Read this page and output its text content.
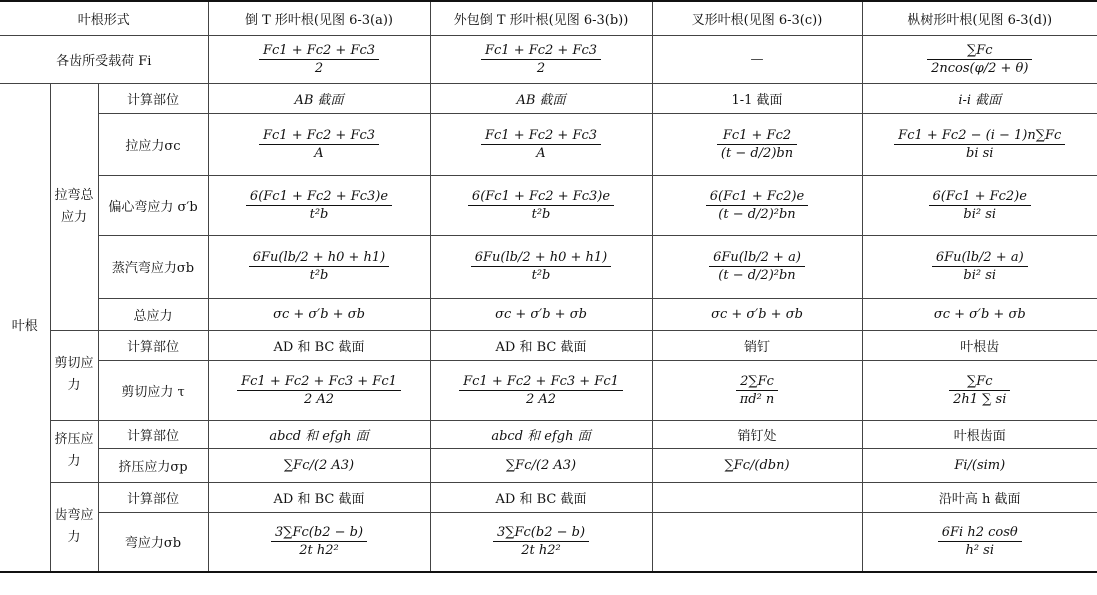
叶根形式			倒 T 形叶根(见图 6-3(a))	外包倒 T 形叶根(见图 6-3(b))	叉形叶根(见图 6-3(c))	枞树形叶根(见图 6-3(d))
各齿所受载荷 Fi			$\frac{Fc1 + Fc2 + Fc3}{2}$	$\frac{Fc1 + Fc2 + Fc3}{2}$	—	$\frac{\sum Fc}{2ncos(\varphi/2 + \theta)}$

叶根	拉弯总应力	计算部位	AB 截面	AB 截面	1-1 截面	i-i 截面
		拉应力σc	$\frac{Fc1 + Fc2 + Fc3}{A}$	$\frac{Fc1 + Fc2 + Fc3}{A}$	$\frac{Fc1 + Fc2}{(t - d/2)bn}$	$\frac{Fc1 + Fc2 - (i - 1)n\sum Fc}{\text{bi si}}$

		偏心弯应力 σ′b	$\frac{6(Fc1 + Fc2 + Fc3)e}{\text{t²b}}$	$\frac{6(Fc1 + Fc2 + Fc3)e}{\text{t²b}}$	$\frac{6(Fc1 + Fc2)e}{\text{(t − d/2)²bn}}$	$\frac{6(Fc1 + Fc2)e}{\text{bi² si}}$

		蒸汽弯应力σb	$\frac{6Fu(lb/2 + h0 + h1)}{\text{t²b}}$	$\frac{6Fu(lb/2 + h0 + h1)}{\text{t²b}}$	$\frac{6Fu(lb/2 + a)}{\text{(t − d/2)²bn}}$	$\frac{6Fu(lb/2 + a)}{\text{bi² si}}$

		总应力	σc + σ′b + σb	σc + σ′b + σb	σc + σ′b + σb	σc + σ′b + σb
	剪切应力	计算部位	AD 和 BC 截面	AD 和 BC 截面	销钉	叶根齿
		剪切应力 τ	$\frac{Fc1 + Fc2 + Fc3 + Fc1}{2 A2}$	$\frac{Fc1 + Fc2 + Fc3 + Fc1}{2 A2}$	$\frac{2\sum Fc}{\text{πd² n}}$	$\frac{\sum Fc}{2h1 \sum si}$

	挤压应力	计算部位	abcd 和 efgh 面	abcd 和 efgh 面	销钉处	叶根齿面
		挤压应力σp	∑Fc/(2 A3)	∑Fc/(2 A3)	∑Fc/(dbn)	Fi/(sim)
	齿弯应力	计算部位	AD 和 BC 截面	AD 和 BC 截面		沿叶高 h 截面
		弯应力σb	$\frac{3\sum Fc(b2 - b)}{\text{2t h2²}}$	$\frac{3\sum Fc(b2 - b)}{\text{2t h2²}}$		$\frac{\text{6Fi h2 cosθ}}{\text{h² si}}$
